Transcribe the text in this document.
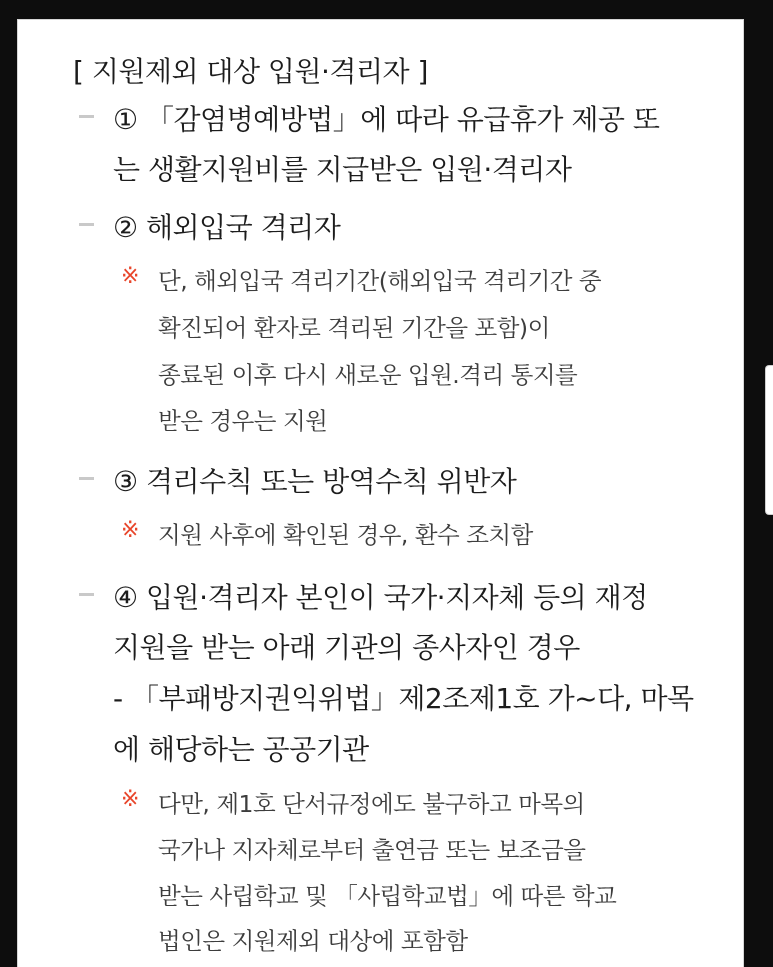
[ 지원제외 대상 입원·격리자 ]
① 「감염병예방법」에 따라 유급휴가 제공 또
는 생활지원비를 지급받은 입원·격리자
② 해외입국 격리자
※ 단, 해외입국 격리기간(해외입국 격리기간 중
확진되어 환자로 격리된 기간을 포함)이
종료된 이후 다시 새로운 입원.격리 통지를
받은 경우는 지원
③ 격리수칙 또는 방역수칙 위반자
※ 지원 사후에 확인된 경우, 환수 조치함
④ 입원·격리자 본인이 국가·지자체 등의 재정
지원을 받는 아래 기관의 종사자인 경우
- 「부패방지권익위법」제2조제1호 가~다, 마목
에 해당하는 공공기관
※ 다만, 제1호 단서규정에도 불구하고 마목의
국가나 지자체로부터 출연금 또는 보조금을
받는 사립학교 및 「사립학교법」에 따른 학교
법인은 지원제외 대상에 포함함
